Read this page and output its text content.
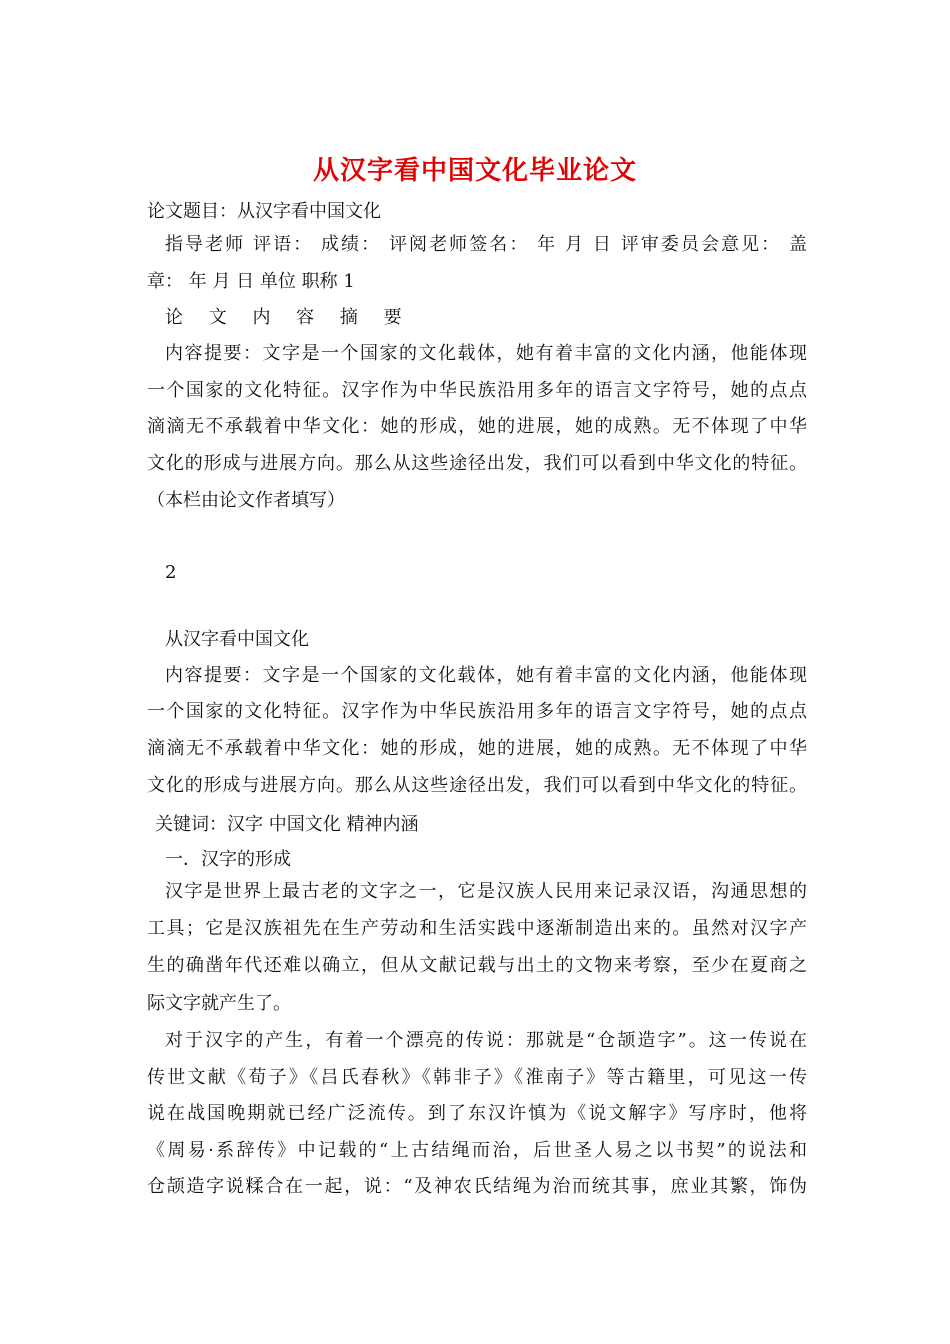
从汉字看中国文化毕业论文
论文题目：从汉字看中国文化
指导老师 评语： 成绩： 评阅老师签名： 年 月 日 评审委员会意见： 盖
章： 年 月 日 单位 职称 1
论 文 内 容 摘 要
内容提要：文字是一个国家的文化载体，她有着丰富的文化内涵，他能体现
一个国家的文化特征。汉字作为中华民族沿用多年的语言文字符号，她的点点
滴滴无不承载着中华文化：她的形成，她的进展，她的成熟。无不体现了中华
文化的形成与进展方向。那么从这些途径出发，我们可以看到中华文化的特征。
（本栏由论文作者填写）
2
从汉字看中国文化
内容提要：文字是一个国家的文化载体，她有着丰富的文化内涵，他能体现
一个国家的文化特征。汉字作为中华民族沿用多年的语言文字符号，她的点点
滴滴无不承载着中华文化：她的形成，她的进展，她的成熟。无不体现了中华
文化的形成与进展方向。那么从这些途径出发，我们可以看到中华文化的特征。
关键词：汉字 中国文化 精神内涵
一．汉字的形成
汉字是世界上最古老的文字之一，它是汉族人民用来记录汉语，沟通思想的
工具；它是汉族祖先在生产劳动和生活实践中逐渐制造出来的。虽然对汉字产
生的确凿年代还难以确立，但从文献记载与出土的文物来考察，至少在夏商之
际文字就产生了。
对于汉字的产生，有着一个漂亮的传说：那就是“仓颉造字”。这一传说在
传世文献《荀子》《吕氏春秋》《韩非子》《淮南子》等古籍里，可见这一传
说在战国晚期就已经广泛流传。到了东汉许慎为《说文解字》写序时，他将
《周易·系辞传》中记载的“上古结绳而治，后世圣人易之以书契”的说法和
仓颉造字说糅合在一起，说：“及神农氏结绳为治而统其事，庶业其繁，饰伪
